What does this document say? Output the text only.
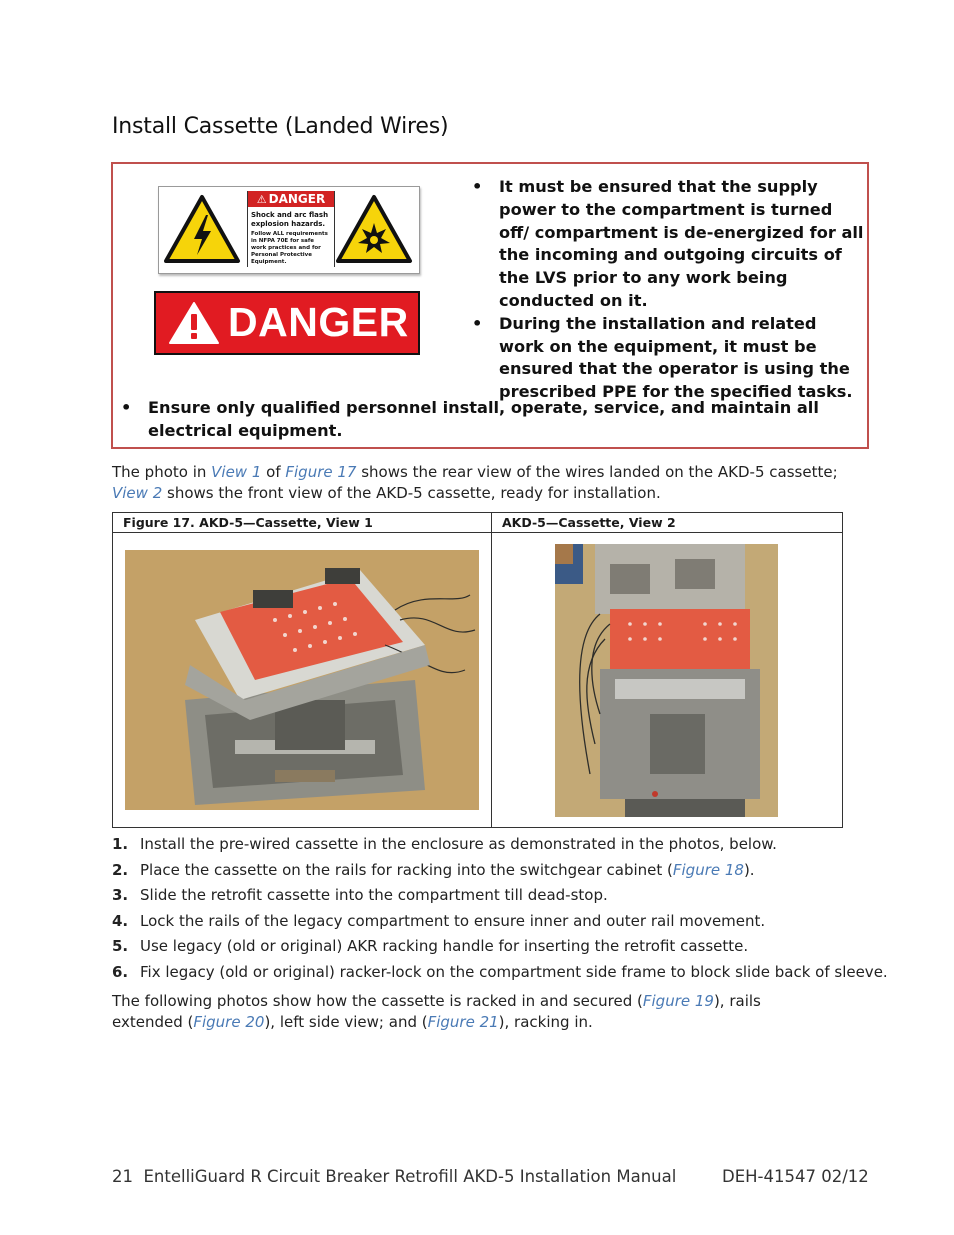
Install Cassette (Landed Wires)
⚠ DANGER
Shock and arc flash explosion hazards.
Follow ALL requirements in NFPA 70E for safe work practices and for Personal Protective Equipment.
DANGER
• It must be ensured that the supply power to the compartment is turned off/ compartment is de-energized for all the incoming and outgoing circuits of the LVS prior to any work being conducted on it.
• During the installation and related work on the equipment, it must be ensured that the operator is using the prescribed PPE for the specified tasks.
• Ensure only qualified personnel install, operate, service, and maintain all electrical equipment.

The photo in View 1 of Figure 17 shows the rear view of the wires landed on the AKD-5 cassette; View 2 shows the front view of the AKD-5 cassette, ready for installation.

Figure 17. AKD-5—Cassette, View 1	AKD-5—Cassette, View 2

1. Install the pre-wired cassette in the enclosure as demonstrated in the photos, below.
2. Place the cassette on the rails for racking into the switchgear cabinet (Figure 18).
3. Slide the retrofit cassette into the compartment till dead-stop.
4. Lock the rails of the legacy compartment to ensure inner and outer rail movement.
5. Use legacy (old or original) AKR racking handle for inserting the retrofit cassette.
6. Fix legacy (old or original) racker-lock on the compartment side frame to block slide back of sleeve.

The following photos show how the cassette is racked in and secured (Figure 19), rails extended (Figure 20), left side view; and (Figure 21), racking in.

21 EntelliGuard R Circuit Breaker Retrofill AKD-5 Installation Manual	DEH-41547 02/12
